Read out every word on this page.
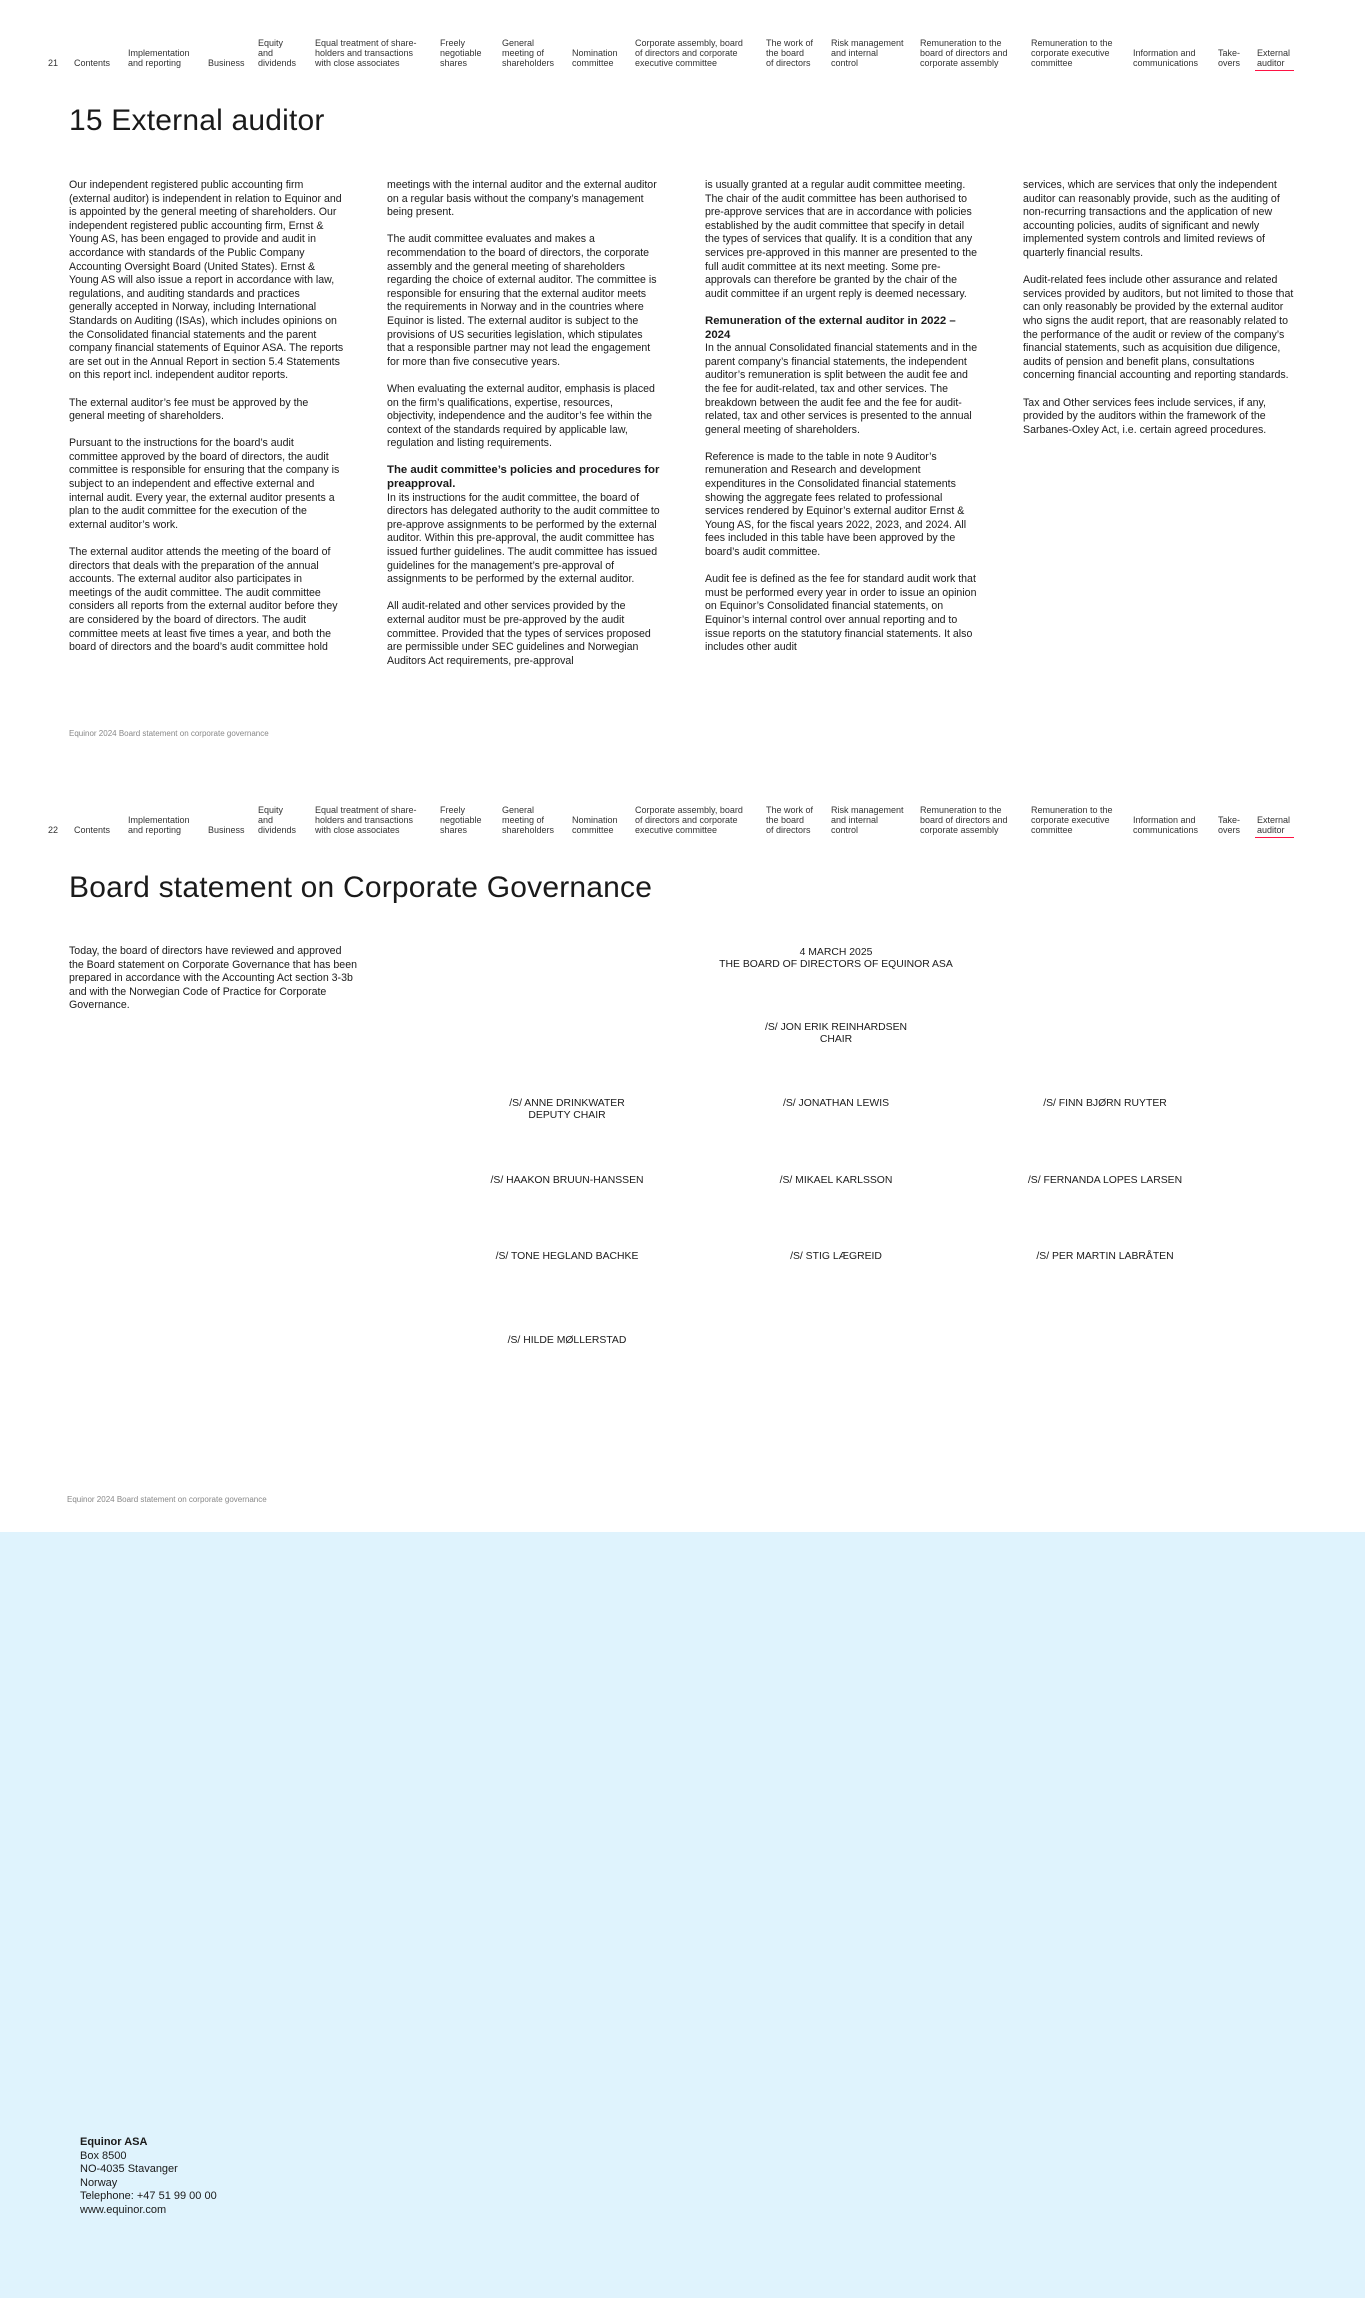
21 Contents
Implementation
and reporting	Business
Equity
and
dividends
Equal treatment of share-
holders and transactions
with close associates
Freely
negotiable
shares
General
meeting of
shareholders
Nomination
committee
Corporate assembly, board
of directors and corporate
executive committee
The work of
the board
of directors
Risk management
and internal
control
Remuneration to the
board of directors and
corporate assembly
Remuneration to the
corporate executive
committee
Information and
communications
Take-
overs
External
auditor
15 External auditor

Our independent registered public accounting firm (external auditor) is independent in relation to Equinor and is appointed by the general meeting of shareholders. Our independent registered public accounting firm, Ernst & Young AS, has been engaged to provide and audit in accordance with standards of the Public Company Accounting Oversight Board (United States). Ernst & Young AS will also issue a report in accordance with law, regulations, and auditing standards and practices generally accepted in Norway, including International Standards on Auditing (ISAs), which includes opinions on the Consolidated financial statements and the parent company financial statements of Equinor ASA. The reports are set out in the Annual Report in section 5.4 Statements on this report incl. independent auditor reports.

The external auditor’s fee must be approved by the general meeting of shareholders.

Pursuant to the instructions for the board’s audit committee approved by the board of directors, the audit committee is responsible for ensuring that the company is subject to an independent and effective external and internal audit. Every year, the external auditor presents a plan to the audit committee for the execution of the external auditor’s work.

The external auditor attends the meeting of the board of directors that deals with the preparation of the annual accounts. The external auditor also participates in meetings of the audit committee. The audit committee considers all reports from the external auditor before they are considered by the board of directors. The audit committee meets at least five times a year, and both the board of directors and the board’s audit committee hold

meetings with the internal auditor and the external auditor on a regular basis without the company’s management being present.

The audit committee evaluates and makes a recommendation to the board of directors, the corporate assembly and the general meeting of shareholders regarding the choice of external auditor. The committee is responsible for ensuring that the external auditor meets the requirements in Norway and in the countries where Equinor is listed. The external auditor is subject to the provisions of US securities legislation, which stipulates that a responsible partner may not lead the engagement for more than five consecutive years.

When evaluating the external auditor, emphasis is placed on the firm’s qualifications, expertise, resources, objectivity, independence and the auditor’s fee within the context of the standards required by applicable law, regulation and listing requirements.

The audit committee’s policies and procedures for preapproval.

In its instructions for the audit committee, the board of directors has delegated authority to the audit committee to pre-approve assignments to be performed by the external auditor. Within this pre-approval, the audit committee has issued further guidelines. The audit committee has issued guidelines for the management’s pre-approval of assignments to be performed by the external auditor.

All audit-related and other services provided by the external auditor must be pre-approved by the audit committee. Provided that the types of services proposed are permissible under SEC guidelines and Norwegian Auditors Act requirements, pre-approval

is usually granted at a regular audit committee meeting. The chair of the audit committee has been authorised to pre-approve services that are in accordance with policies established by the audit committee that specify in detail the types of services that qualify. It is a condition that any services pre-approved in this manner are presented to the full audit committee at its next meeting. Some pre-approvals can therefore be granted by the chair of the audit committee if an urgent reply is deemed necessary.

Remuneration of the external auditor in 2022 – 2024

In the annual Consolidated financial statements and in the parent company’s financial statements, the independent auditor’s remuneration is split between the audit fee and the fee for audit-related, tax and other services. The breakdown between the audit fee and the fee for audit-related, tax and other services is presented to the annual general meeting of shareholders.

Reference is made to the table in note 9 Auditor’s remuneration and Research and development expenditures in the Consolidated financial statements showing the aggregate fees related to professional services rendered by Equinor’s external auditor Ernst & Young AS, for the fiscal years 2022, 2023, and 2024. All fees included in this table have been approved by the board’s audit committee.

Audit fee is defined as the fee for standard audit work that must be performed every year in order to issue an opinion on Equinor’s Consolidated financial statements, on Equinor’s internal control over annual reporting and to issue reports on the statutory financial statements. It also includes other audit

services, which are services that only the independent auditor can reasonably provide, such as the auditing of non-recurring transactions and the application of new accounting policies, audits of significant and newly implemented system controls and limited reviews of quarterly financial results.

Audit-related fees include other assurance and related services provided by auditors, but not limited to those that can only reasonably be provided by the external auditor who signs the audit report, that are reasonably related to the performance of the audit or review of the company’s financial statements, such as acquisition due diligence, audits of pension and benefit plans, consultations concerning financial accounting and reporting standards.

Tax and Other services fees include services, if any, provided by the auditors within the framework of the Sarbanes-Oxley Act, i.e. certain agreed procedures.

Equinor 2024 Board statement on corporate governance
22 Contents
Implementation
and reporting	Business
Equity
and
dividends
Equal treatment of share-
holders and transactions
with close associates
Freely
negotiable
shares
General
meeting of
shareholders
Nomination
committee
Corporate assembly, board
of directors and corporate
executive committee
The work of
the board
of directors
Risk management
and internal
control
Remuneration to the
board of directors and
corporate assembly
Remuneration to the
corporate executive
committee
Information and
communications
Take-
overs
External
auditor
Board statement on Corporate Governance
Today, the board of directors have reviewed and approved the Board statement on Corporate Governance that has been prepared in accordance with the Accounting Act section 3-3b and with the Norwegian Code of Practice for Corporate Governance.
4 MARCH 2025
THE BOARD OF DIRECTORS OF EQUINOR ASA
/S/ JON ERIK REINHARDSEN
CHAIR
/S/ ANNE DRINKWATER
DEPUTY CHAIR
/S/ JONATHAN LEWIS	/S/ FINN BJØRN RUYTER
/S/ HAAKON BRUUN-HANSSEN	/S/ MIKAEL KARLSSON	/S/ FERNANDA LOPES LARSEN
/S/ TONE HEGLAND BACHKE	/S/ STIG LÆGREID	/S/ PER MARTIN LABRÅTEN
/S/ HILDE MØLLERSTAD
Equinor 2024 Board statement on corporate governance
Equinor ASA
Box 8500
NO-4035 Stavanger
Norway
Telephone: +47 51 99 00 00
www.equinor.com
